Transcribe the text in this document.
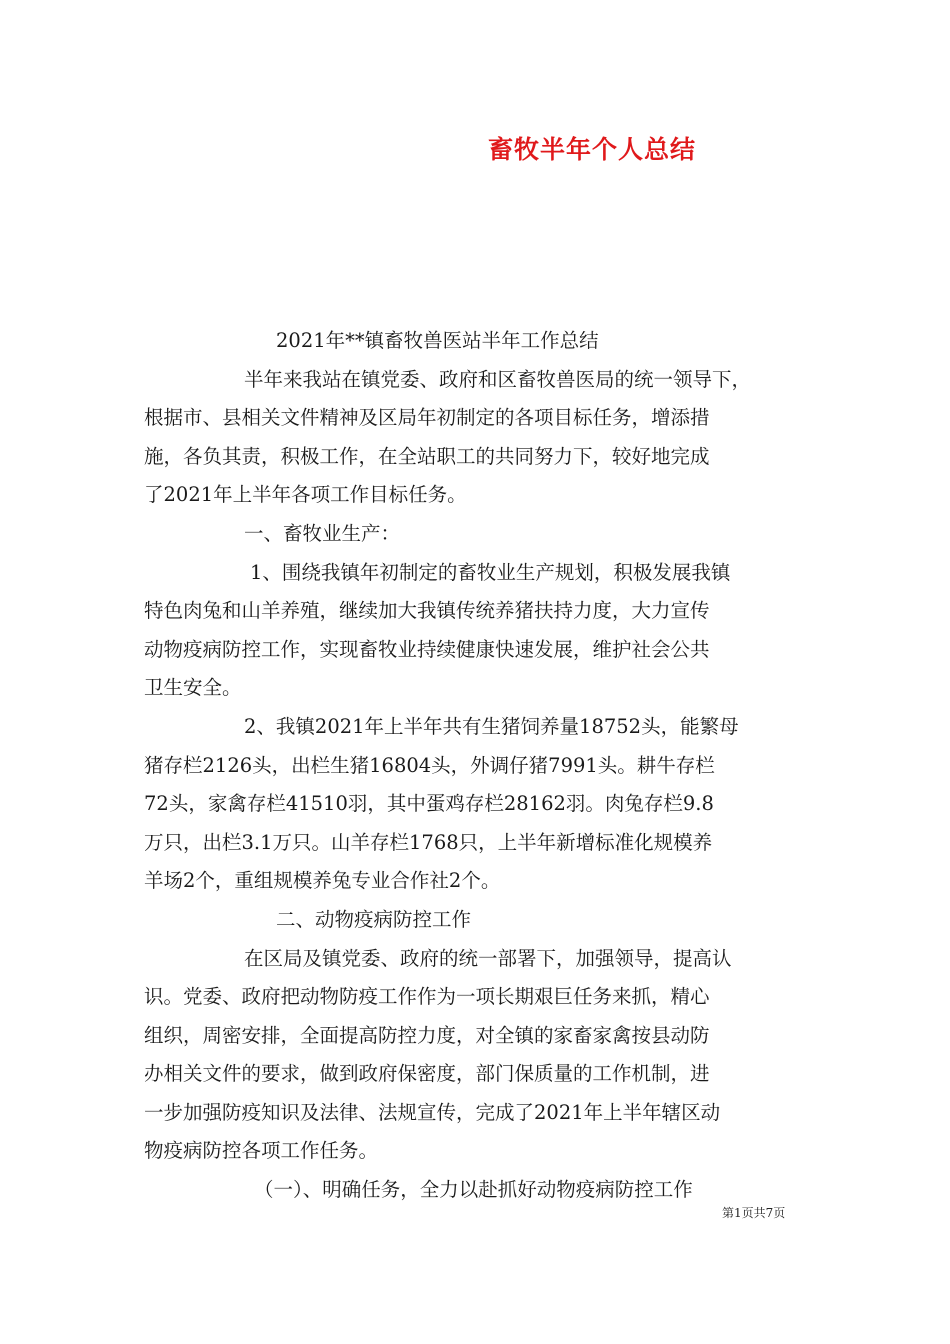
畜牧半年个人总结
2021年**镇畜牧兽医站半年工作总结
半年来我站在镇党委、政府和区畜牧兽医局的统一领导下，
根据市、县相关文件精神及区局年初制定的各项目标任务，增添措
施，各负其责，积极工作，在全站职工的共同努力下，较好地完成
了2021年上半年各项工作目标任务。
一、畜牧业生产：
1、围绕我镇年初制定的畜牧业生产规划，积极发展我镇
特色肉兔和山羊养殖，继续加大我镇传统养猪扶持力度，大力宣传
动物疫病防控工作，实现畜牧业持续健康快速发展，维护社会公共
卫生安全。
2、我镇2021年上半年共有生猪饲养量18752头，能繁母
猪存栏2126头，出栏生猪16804头，外调仔猪7991头。耕牛存栏
72头，家禽存栏41510羽，其中蛋鸡存栏28162羽。肉兔存栏9.8
万只，出栏3.1万只。山羊存栏1768只，上半年新增标准化规模养
羊场2个，重组规模养兔专业合作社2个。
二、动物疫病防控工作
在区局及镇党委、政府的统一部署下，加强领导，提高认
识。党委、政府把动物防疫工作作为一项长期艰巨任务来抓，精心
组织，周密安排，全面提高防控力度，对全镇的家畜家禽按县动防
办相关文件的要求，做到政府保密度，部门保质量的工作机制，进
一步加强防疫知识及法律、法规宣传，完成了2021年上半年辖区动
物疫病防控各项工作任务。
（一）、明确任务，全力以赴抓好动物疫病防控工作
第1页共7页
